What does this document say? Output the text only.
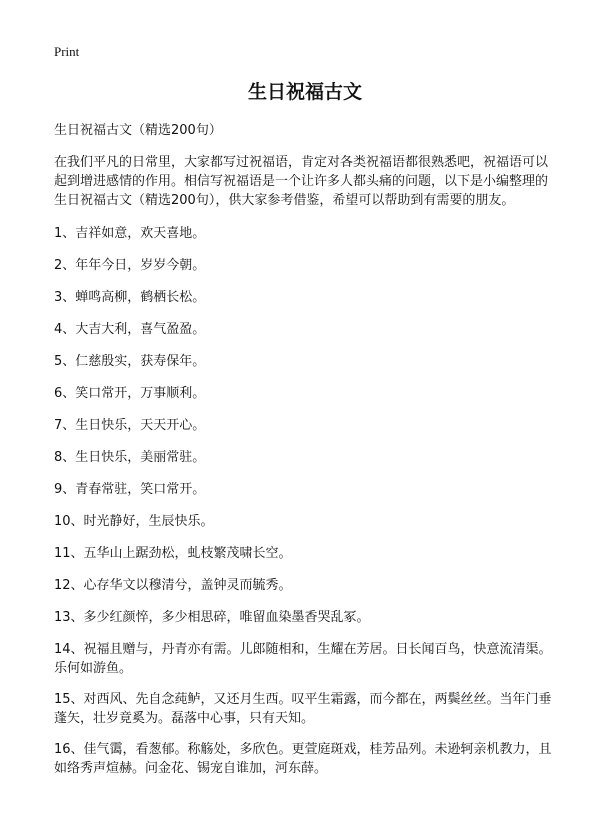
Print
生日祝福古文

生日祝福古文（精选200句）

在我们平凡的日常里，大家都写过祝福语，肯定对各类祝福语都很熟悉吧，祝福语可以起到增进感情的作用。相信写祝福语是一个让许多人都头痛的问题，以下是小编整理的生日祝福古文（精选200句），供大家参考借鉴，希望可以帮助到有需要的朋友。

1、吉祥如意，欢天喜地。

2、年年今日，岁岁今朝。

3、蝉鸣高柳，鹤栖长松。

4、大吉大利，喜气盈盈。

5、仁慈殷实，获寿保年。

6、笑口常开，万事顺利。

7、生日快乐，天天开心。

8、生日快乐，美丽常驻。

9、青春常驻，笑口常开。

10、时光静好，生辰快乐。

11、五华山上踞劲松，虬枝繁茂啸长空。

12、心存华文以穆清兮，盖钟灵而毓秀。

13、多少红颜悴，多少相思碎，唯留血染墨香哭乱冢。

14、祝福且赠与，丹青亦有需。儿郎随相和，生耀在芳居。日长闻百鸟，快意流清渠。乐何如游鱼。

15、对西风、先自念莼鲈，又还月生西。叹平生霜露，而今都在，两鬓丝丝。当年门垂蓬矢，壮岁竟奚为。磊落中心事，只有天知。

16、佳气霭，看葱郁。称觞处，多欣色。更萱庭斑戏，桂芳品列。未逊轲亲机教力，且如络秀声煊赫。问金花、锡宠自谁加，河东薛。
